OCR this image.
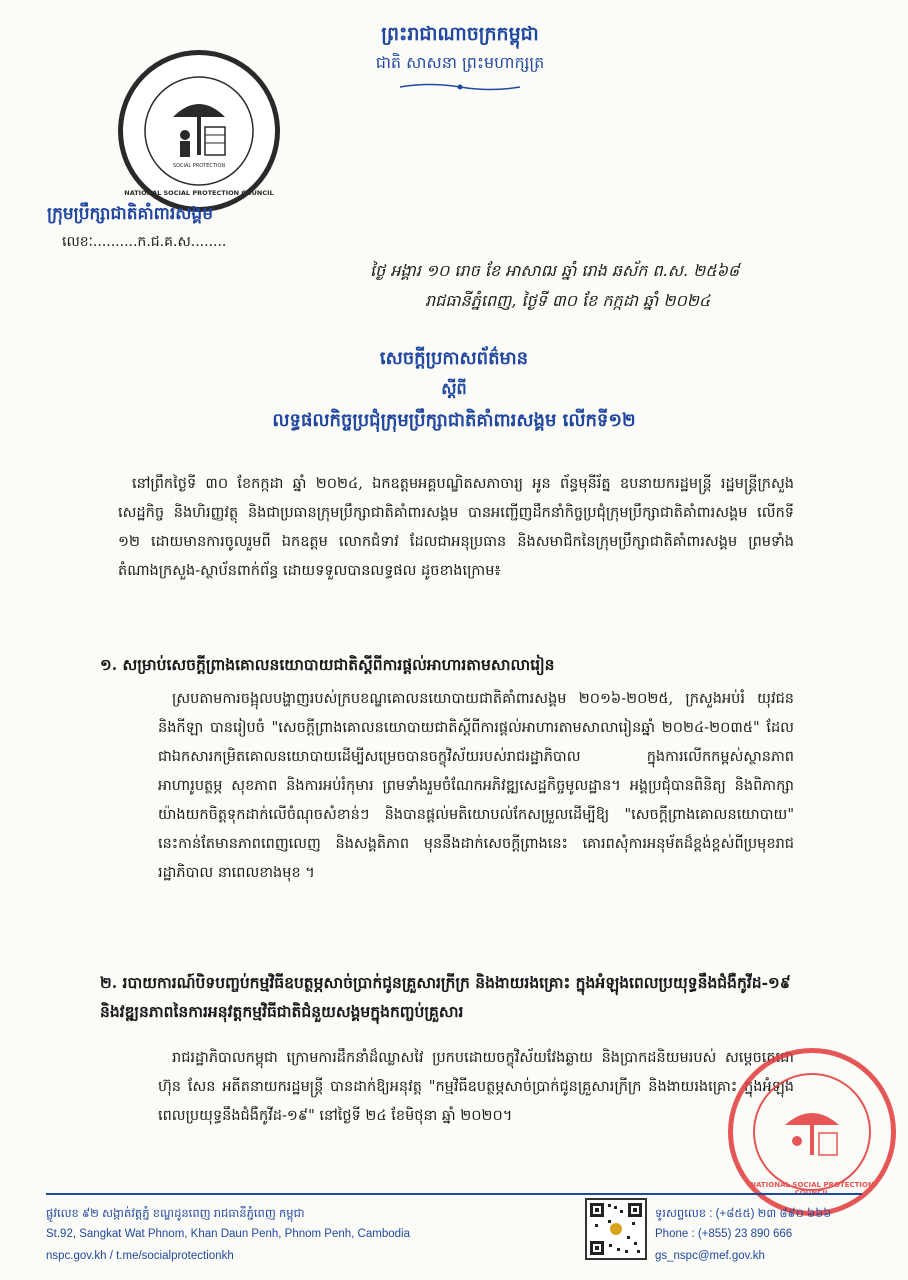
SOCIAL PROTECTION
NATIONAL SOCIAL PROTECTION COUNCIL
ព្រះរាជាណាចក្រកម្ពុជា
ជាតិ សាសនា ព្រះមហាក្សត្រ
ក្រុមប្រឹក្សាជាតិគាំពារសង្គម
លេខៈ..........ក.ជ.គ.ស........
ថ្ងៃ អង្គារ ១០ រោច ខែ អាសាឍ ឆ្នាំ រោង ឆស័ក ព.ស. ២៥៦៨
រាជធានីភ្នំពេញ, ថ្ងៃទី ៣០ ខែ កក្កដា ឆ្នាំ ២០២៤
សេចក្តីប្រកាសព័ត៌មាន
ស្តីពី
លទ្ធផលកិច្ចប្រជុំក្រុមប្រឹក្សាជាតិគាំពារសង្គម លើកទី១២
នៅព្រឹកថ្ងៃទី ៣០ ខែកក្កដា ឆ្នាំ ២០២៤, ឯកឧត្តមអគ្គបណ្ឌិតសភាចារ្យ អូន ព័ន្ធមុនីរ័ត្ន ឧបនាយករដ្ឋមន្ត្រី រដ្ឋមន្ត្រីក្រសួងសេដ្ឋកិច្ច និងហិរញ្ញវត្ថុ និងជាប្រធានក្រុមប្រឹក្សាជាតិគាំពារសង្គម បានអញ្ជើញដឹកនាំកិច្ចប្រជុំក្រុមប្រឹក្សាជាតិគាំពារសង្គម លើកទី ១២ ដោយមានការចូលរួមពី ឯកឧត្តម លោកជំទាវ ដែលជាអនុប្រធាន និងសមាជិកនៃក្រុមប្រឹក្សាជាតិគាំពារសង្គម ព្រមទាំង តំណាងក្រសួង-ស្ថាប័នពាក់ព័ន្ធ ដោយទទួលបានលទ្ធផល ដូចខាងក្រោម៖
១. សម្រាប់សេចក្តីព្រាងគោលនយោបាយជាតិស្តីពីការផ្តល់អាហារតាមសាលារៀន
ស្របតាមការចង្អុលបង្ហាញរបស់ក្របខណ្ឌគោលនយោបាយជាតិគាំពារសង្គម ២០១៦-២០២៥, ក្រសួងអប់រំ យុវជន និងកីឡា បានរៀបចំ "សេចក្តីព្រាងគោលនយោបាយជាតិស្តីពីការផ្តល់អាហារតាមសាលារៀនឆ្នាំ ២០២៤-២០៣៥" ដែលជាឯកសារកម្រិតគោលនយោបាយដើម្បីសម្រេចបានចក្ខុវិស័យរបស់រាជរដ្ឋាភិបាល ក្នុងការលើកកម្ពស់ស្ថានភាពអាហារូបត្ថម្ភ សុខភាព និងការអប់រំកុមារ ព្រមទាំងរួមចំណែកអភិវឌ្ឍសេដ្ឋកិច្ចមូលដ្ឋាន។ អង្គប្រជុំបានពិនិត្យ និងពិភាក្សាយ៉ាងយកចិត្តទុកដាក់លើចំណុចសំខាន់ៗ និងបានផ្តល់មតិយោបល់កែសម្រួលដើម្បីឱ្យ "សេចក្តីព្រាងគោលនយោបាយ" នេះកាន់តែមានភាពពេញលេញ និងសង្គតិភាព មុននឹងដាក់សេចក្តីព្រាងនេះ គោរពសុំការអនុម័តដ៏ខ្ពង់ខ្ពស់ពីប្រមុខរាជរដ្ឋាភិបាល នាពេលខាងមុខ ។
២. របាយការណ៍បិទបញ្ចប់កម្មវិធីឧបត្ថម្ភសាច់ប្រាក់ជូនគ្រួសារក្រីក្រ និងងាយរងគ្រោះ ក្នុងអំឡុងពេលប្រយុទ្ធនឹងជំងឺកូវីដ-១៩ និងវឌ្ឍនភាពនៃការអនុវត្តកម្មវិធីជាតិជំនួយសង្គមក្នុងកញ្ចប់គ្រួសារ
រាជរដ្ឋាភិបាលកម្ពុជា ក្រោមការដឹកនាំដ៏ឈ្លាសវៃ ប្រកបដោយចក្ខុវិស័យវែងឆ្ងាយ និងប្រាកដនិយមរបស់ សម្តេចតេជោ ហ៊ុន សែន អតីតនាយករដ្ឋមន្ត្រី បានដាក់ឱ្យអនុវត្ត "កម្មវិធីឧបត្ថម្ភសាច់ប្រាក់ជូនគ្រួសារក្រីក្រ និងងាយរងគ្រោះ ក្នុងអំឡុងពេលប្រយុទ្ធនឹងជំងឺកូវីដ-១៩" នៅថ្ងៃទី ២៤ ខែមិថុនា ឆ្នាំ ២០២០។
NATIONAL SOCIAL PROTECTION
ផ្លូវលេខ ៩២ សង្កាត់វត្តភ្នំ ខណ្ឌដូនពេញ រាជធានីភ្នំពេញ កម្ពុជា
St.92, Sangkat Wat Phnom, Khan Daun Penh, Phnom Penh, Cambodia
nspc.gov.kh / t.me/socialprotectionkh
ទូរសព្ទលេខ : (+៨៥៥) ២៣ ៨៩០ ៦៦៦
Phone : (+855) 23 890 666
gs_nspc@mef.gov.kh
